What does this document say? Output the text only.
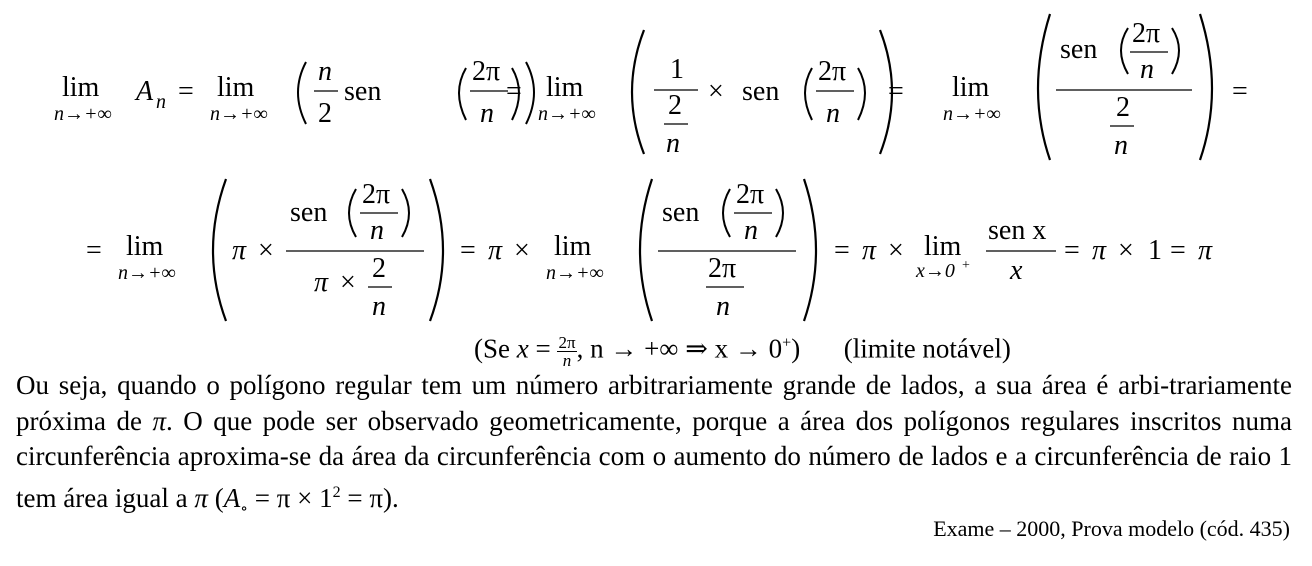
lim
n→+∞
A n = lim
n→+∞
n
2
sen
2π
n
= lim
n→+∞
1
2
n
× sen
2π
n
= lim
n→+∞
sen
2π
n
2
n
=
= lim
n→+∞
π ×
sen
2π
n
π × 2
n
= π × lim
n→+∞
sen
2π
n
2π
n
= π × lim
x→0 +
sen x
x
= π × 1 = π
(Se $x = \frac{2\pi}{n}$ , n → +∞ ⇒ x → 0+) (limite notável)

Ou seja, quando o polígono regular tem um número arbitrariamente grande de lados, a sua área é arbi-trariamente próxima de π. O que pode ser observado geometricamente, porque a área dos polígonos regulares inscritos numa circunferência aproxima-se da área da circunferência com o aumento do número de lados e a circunferência de raio 1 tem área igual a π $(A_\circ = \pi \times 1^2 = \pi)$.

Exame – 2000, Prova modelo (cód. 435)
